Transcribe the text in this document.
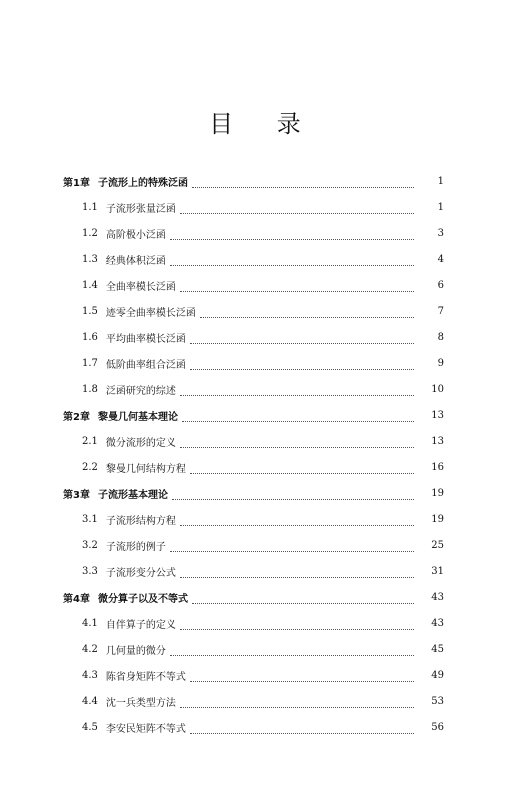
目 录
第1章 子流形上的特殊泛函	1
1.1 子流形张量泛函	1
1.2 高阶极小泛函	3
1.3 经典体积泛函	4
1.4 全曲率模长泛函	6
1.5 迹零全曲率模长泛函	7
1.6 平均曲率模长泛函	8
1.7 低阶曲率组合泛函	9
1.8 泛函研究的综述	10
第2章 黎曼几何基本理论	13
2.1 微分流形的定义	13
2.2 黎曼几何结构方程	16
第3章 子流形基本理论	19
3.1 子流形结构方程	19
3.2 子流形的例子	25
3.3 子流形变分公式	31
第4章 微分算子以及不等式	43
4.1 自伴算子的定义	43
4.2 几何量的微分	45
4.3 陈省身矩阵不等式	49
4.4 沈一兵类型方法	53
4.5 李安民矩阵不等式	56
